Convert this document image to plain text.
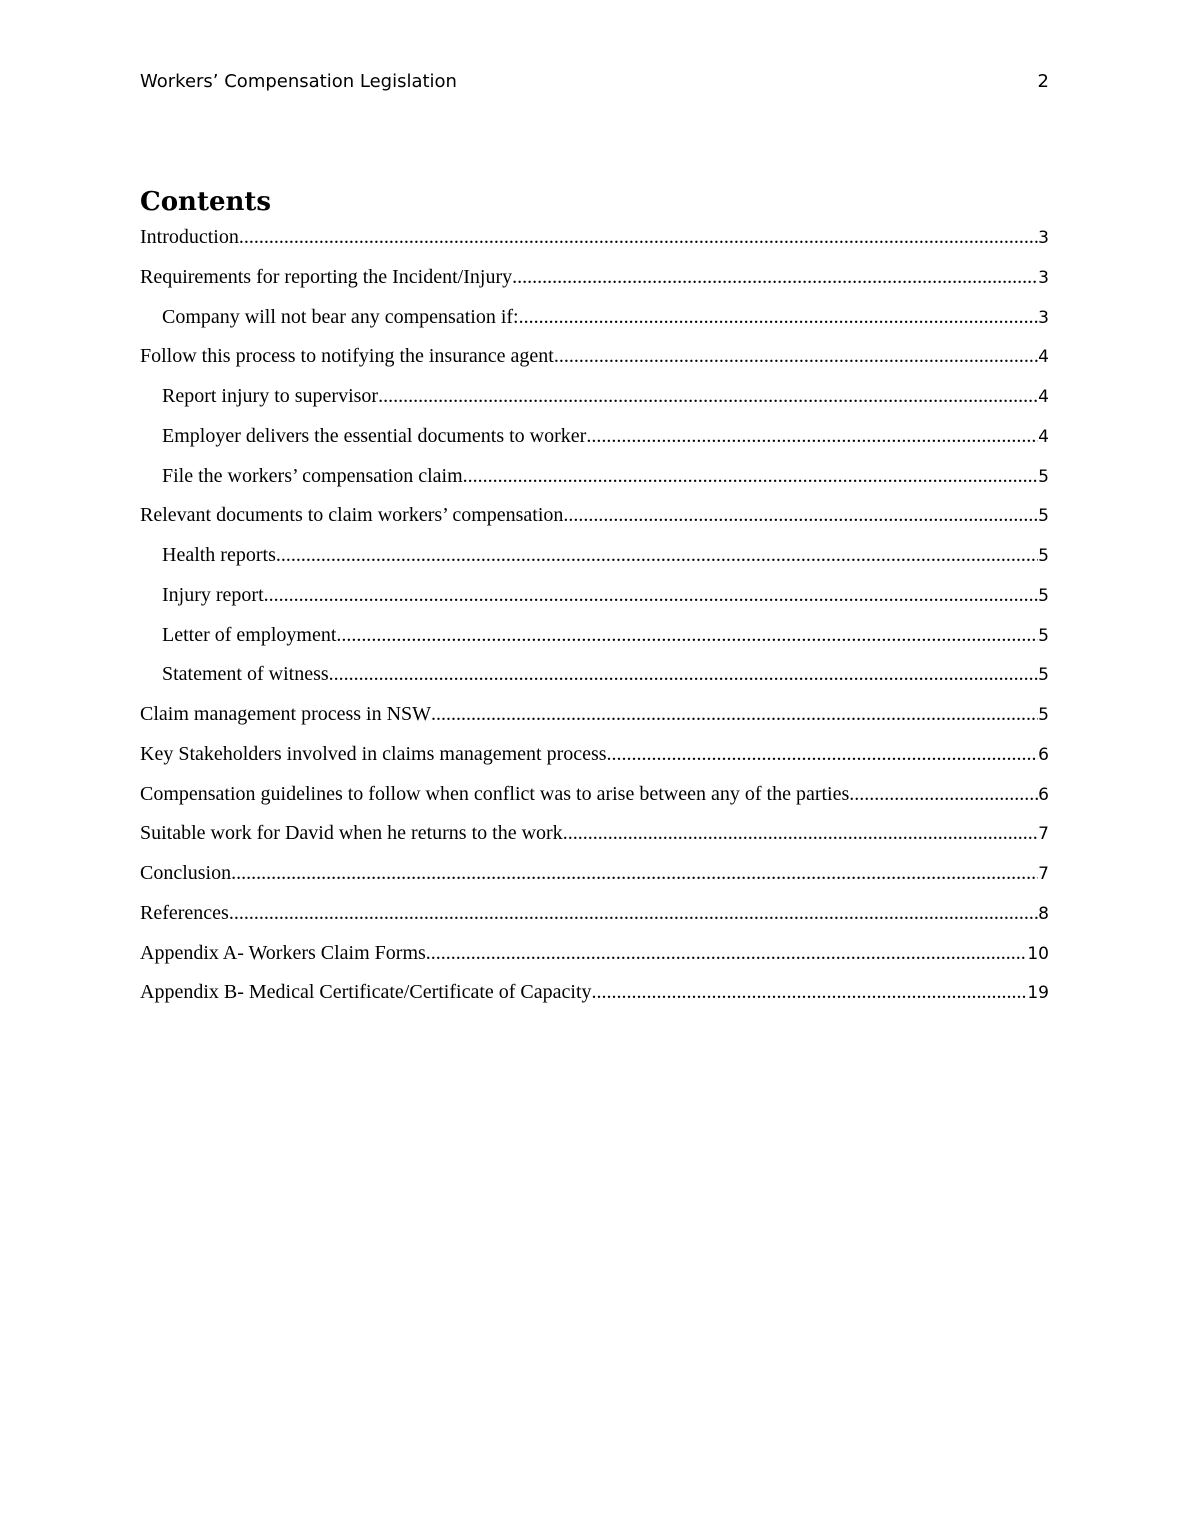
Workers’ Compensation Legislation	2
Contents
Introduction .....	3
Requirements for reporting the Incident/Injury .....	3
Company will not bear any compensation if: .....	3
Follow this process to notifying the insurance agent .....	4
Report injury to supervisor .....	4
Employer delivers the essential documents to worker .....	4
File the workers’ compensation claim .....	5
Relevant documents to claim workers’ compensation .....	5
Health reports .....	5
Injury report .....	5
Letter of employment .....	5
Statement of witness .....	5
Claim management process in NSW .....	5
Key Stakeholders involved in claims management process .....	6
Compensation guidelines to follow when conflict was to arise between any of the parties .....	6
Suitable work for David when he returns to the work .....	7
Conclusion .....	7
References .....	8
Appendix A- Workers Claim Forms .....	10
Appendix B- Medical Certificate/Certificate of Capacity .....	19
